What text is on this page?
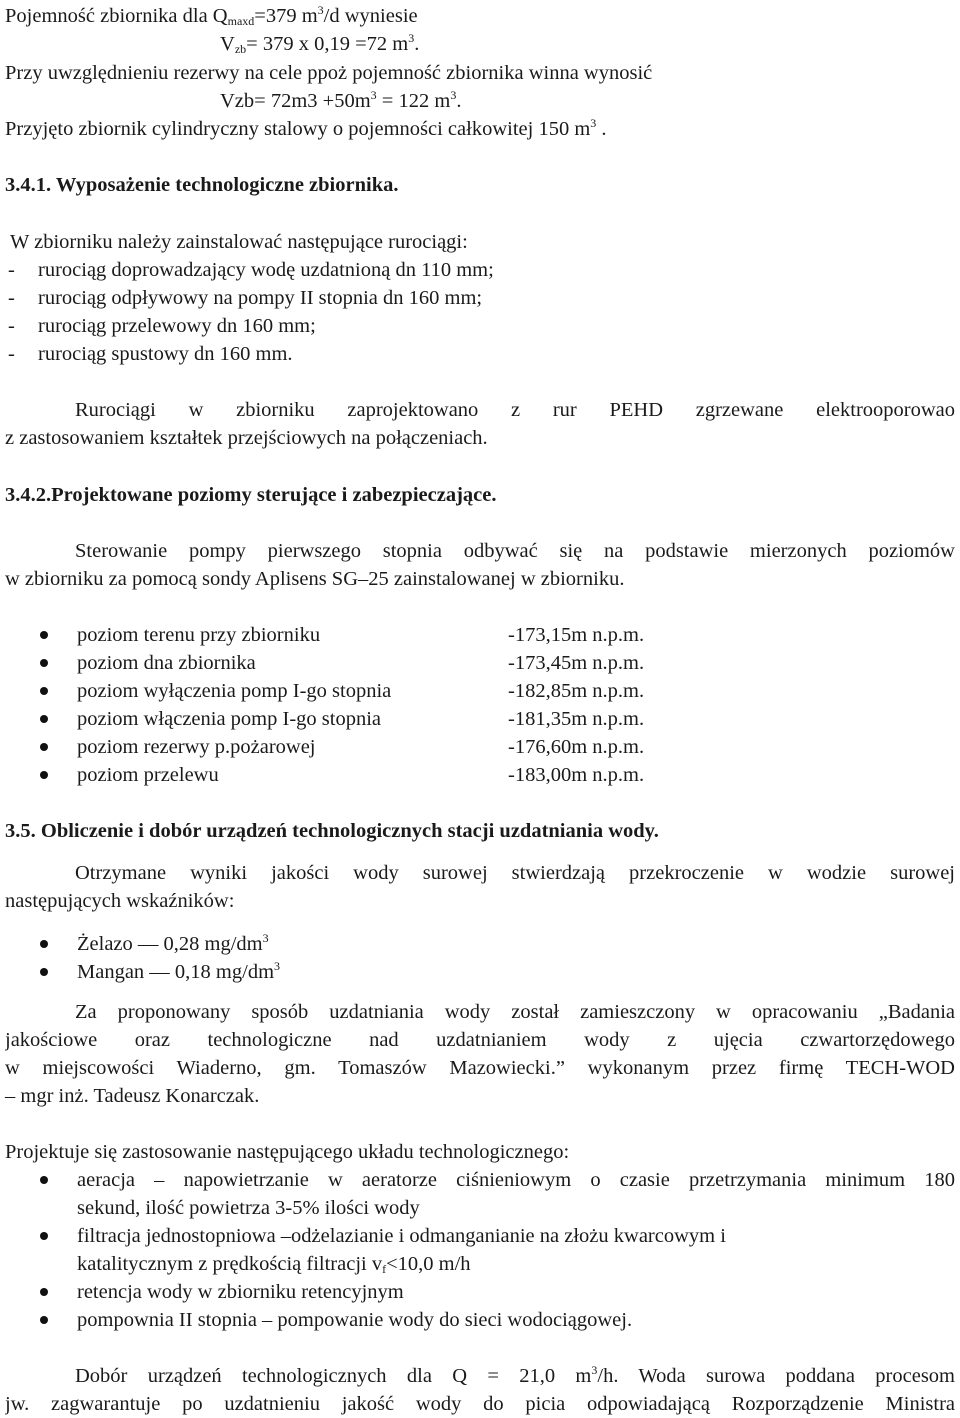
Pojemność zbiornika dla $Q_{maxd}=379$ $m^3/d$ wyniesie
$V_{zb}= 379$ x 0,19 =72 $m^3$.
Przy uwzględnieniu rezerwy na cele ppoż pojemność zbiornika winna wynosić
$Vzb= 72m3 +50m^3 = 122$ $m^3$.
Przyjęto zbiornik cylindryczny stalowy o pojemności całkowitej 150 $m^3$ .
3.4.1. Wyposażenie technologiczne zbiornika.
W zbiorniku należy zainstalować następujące rurociągi:
- rurociąg doprowadzający wodę uzdatnioną dn 110 mm;
- rurociąg odpływowy na pompy II stopnia dn 160 mm;
- rurociąg przelewowy dn 160 mm;
- rurociąg spustowy dn 160 mm.
Rurociągi w zbiorniku zaprojektowano z rur PEHD zgrzewane elektrooporowao
z zastosowaniem kształtek przejściowych na połączeniach.
3.4.2.Projektowane poziomy sterujące i zabezpieczające.
Sterowanie pompy pierwszego stopnia odbywać się na podstawie mierzonych poziomów
w zbiorniku za pomocą sondy Aplisens SG–25 zainstalowanej w zbiorniku.
poziom terenu przy zbiorniku	-173,15m n.p.m.
poziom dna zbiornika	-173,45m n.p.m.
poziom wyłączenia pomp I-go stopnia	-182,85m n.p.m.
poziom włączenia pomp I-go stopnia	-181,35m n.p.m.
poziom rezerwy p.pożarowej	-176,60m n.p.m.
poziom przelewu	-183,00m n.p.m.
3.5. Obliczenie i dobór urządzeń technologicznych stacji uzdatniania wody.
Otrzymane wyniki jakości wody surowej stwierdzają przekroczenie w wodzie surowej
następujących wskaźników:
Żelazo — 0,28 $mg/dm^3$
Mangan — 0,18 $mg/dm^3$
Za proponowany sposób uzdatniania wody został zamieszczony w opracowaniu „Badania
jakościowe oraz technologiczne nad uzdatnianiem wody z ujęcia czwartorzędowego
w miejscowości Wiaderno, gm. Tomaszów Mazowiecki.” wykonanym przez firmę TECH-WOD
– mgr inż. Tadeusz Konarczak.
Projektuje się zastosowanie następującego układu technologicznego:
aeracja – napowietrzanie w aeratorze ciśnieniowym o czasie przetrzymania minimum 180
sekund, ilość powietrza 3-5% ilości wody
filtracja jednostopniowa –odżelazianie i odmanganianie na złożu kwarcowym i
katalitycznym z prędkością filtracji $v_f<10,0$ m/h
retencja wody w zbiorniku retencyjnym
pompownia II stopnia – pompowanie wody do sieci wodociągowej.
Dobór urządzeń technologicznych dla Q = 21,0 $m^3/h$. Woda surowa poddana procesom
jw. zagwarantuje po uzdatnieniu jakość wody do picia odpowiadającą Rozporządzenie Ministra
